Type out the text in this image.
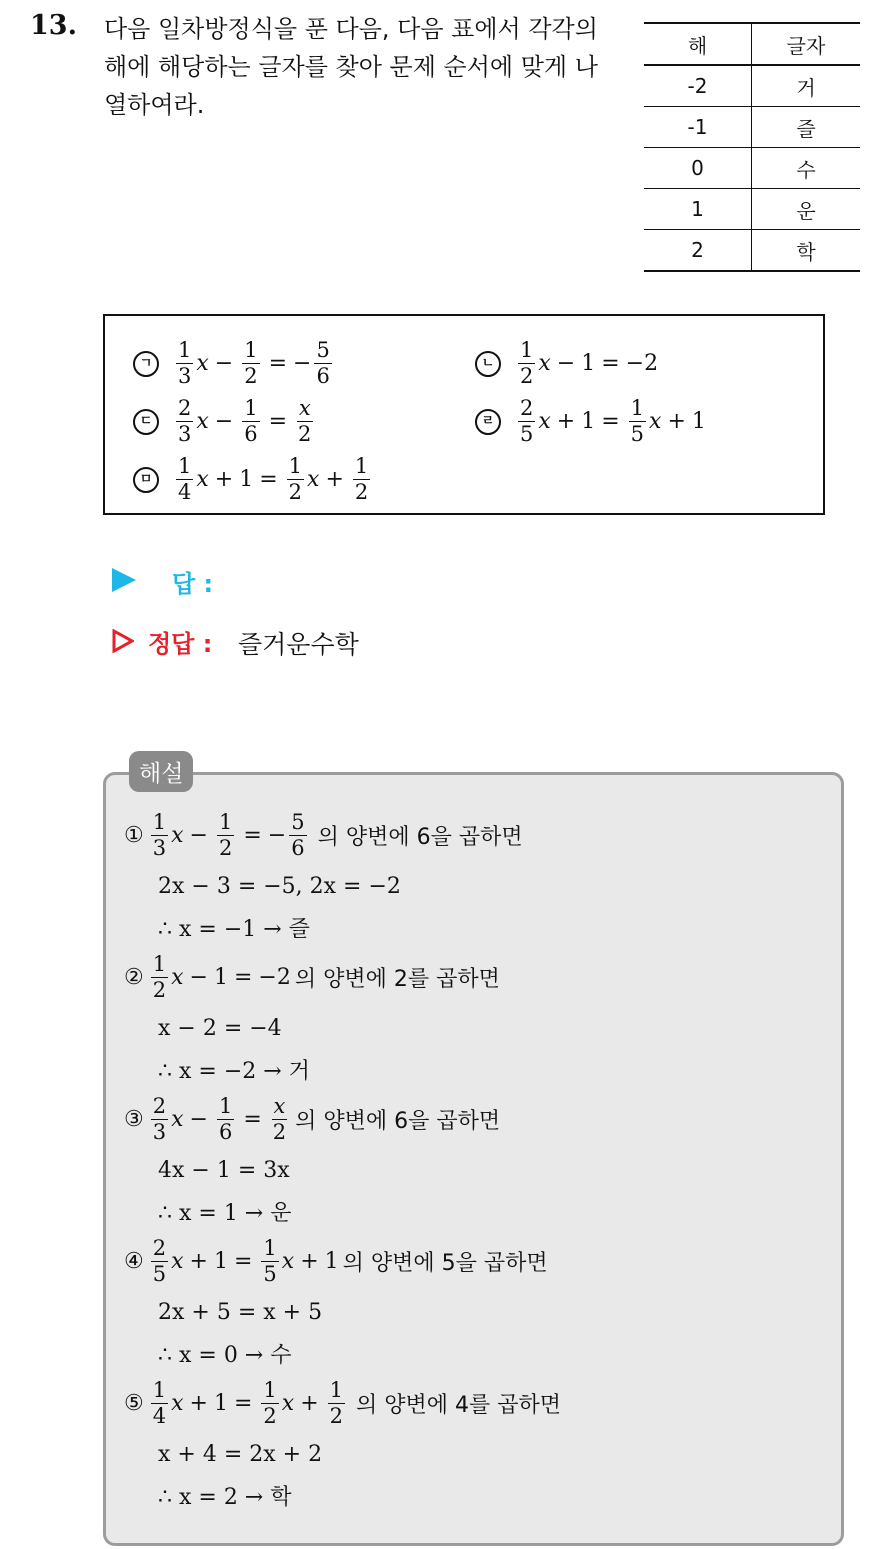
13. 다음 일차방정식을 푼 다음, 다음 표에서 각각의 해에 해당하는 글자를 찾아 문제 순서에 맞게 나열하여라.
해	글자
-2	거
-1	즐
0	수
1	운
2	학
ㄱ	$\frac{1}{3}$ $x - \frac{1}{2}$ = − $\frac{5}{6}$	ㄴ	$\frac{1}{2}$ x − 1 = −2
ㄷ	$\frac{2}{3}$ $x - \frac{1}{6} = \frac{x}{2}$	ㄹ	$\frac{2}{5}$ $x + 1 = \frac{1}{5}$ x + 1
ㅁ	$\frac{1}{4}$ $x + 1 = \frac{1}{2}$ $x + \frac{1}{2}$
답 :
정답 : 즐거운수학
해설
① $\frac{1}{3}$ $x - \frac{1}{2}$ = − $\frac{5}{6}$ 의 양변에 6을 곱하면
2x − 3 = −5, 2x = −2
∴ x = −1 → 즐
② $\frac{1}{2}$ x − 1 = −2 의 양변에 2를 곱하면
x − 2 = −4
∴ x = −2 → 거
③ $\frac{2}{3}$ $x - \frac{1}{6} = \frac{x}{2}$ 의 양변에 6을 곱하면
4x − 1 = 3x
∴ x = 1 → 운
④ $\frac{2}{5}$ $x + 1 = \frac{1}{5}$ x + 1 의 양변에 5을 곱하면
2x + 5 = x + 5
∴ x = 0 → 수
⑤ $\frac{1}{4}$ $x + 1 = \frac{1}{2}$ $x + \frac{1}{2}$ 의 양변에 4를 곱하면
x + 4 = 2x + 2
∴ x = 2 → 학
